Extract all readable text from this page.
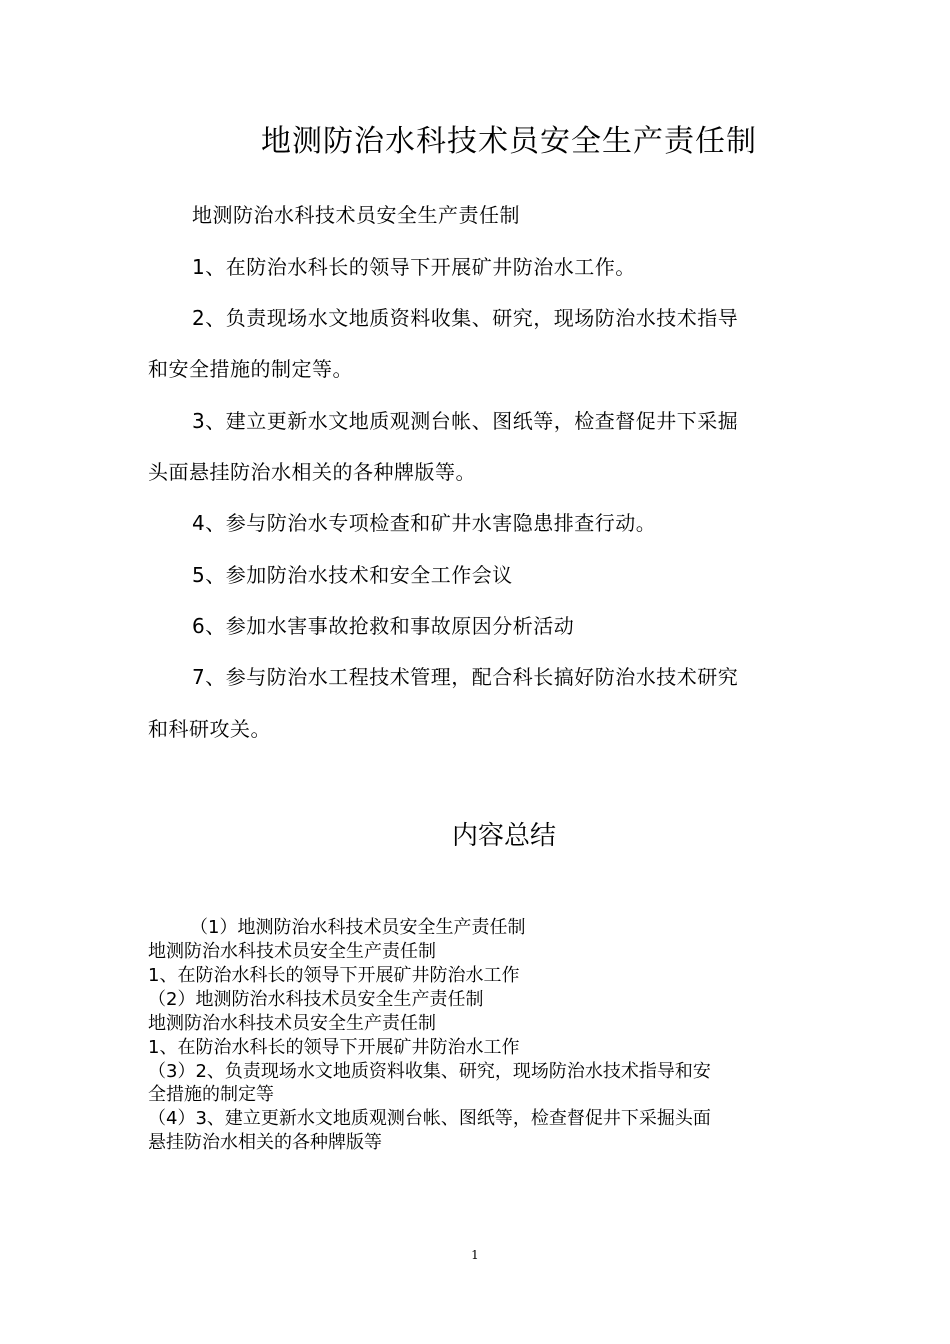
地测防治水科技术员安全生产责任制
地测防治水科技术员安全生产责任制
1、在防治水科长的领导下开展矿井防治水工作。
2、负责现场水文地质资料收集、研究，现场防治水技术指导
和安全措施的制定等。
3、建立更新水文地质观测台帐、图纸等，检查督促井下采掘
头面悬挂防治水相关的各种牌版等。
4、参与防治水专项检查和矿井水害隐患排查行动。
5、参加防治水技术和安全工作会议
6、参加水害事故抢救和事故原因分析活动
7、参与防治水工程技术管理，配合科长搞好防治水技术研究
和科研攻关。
内容总结
（1）地测防治水科技术员安全生产责任制
地测防治水科技术员安全生产责任制
1、在防治水科长的领导下开展矿井防治水工作
（2）地测防治水科技术员安全生产责任制
地测防治水科技术员安全生产责任制
1、在防治水科长的领导下开展矿井防治水工作
（3）2、负责现场水文地质资料收集、研究，现场防治水技术指导和安
全措施的制定等
（4）3、建立更新水文地质观测台帐、图纸等，检查督促井下采掘头面
悬挂防治水相关的各种牌版等
1
